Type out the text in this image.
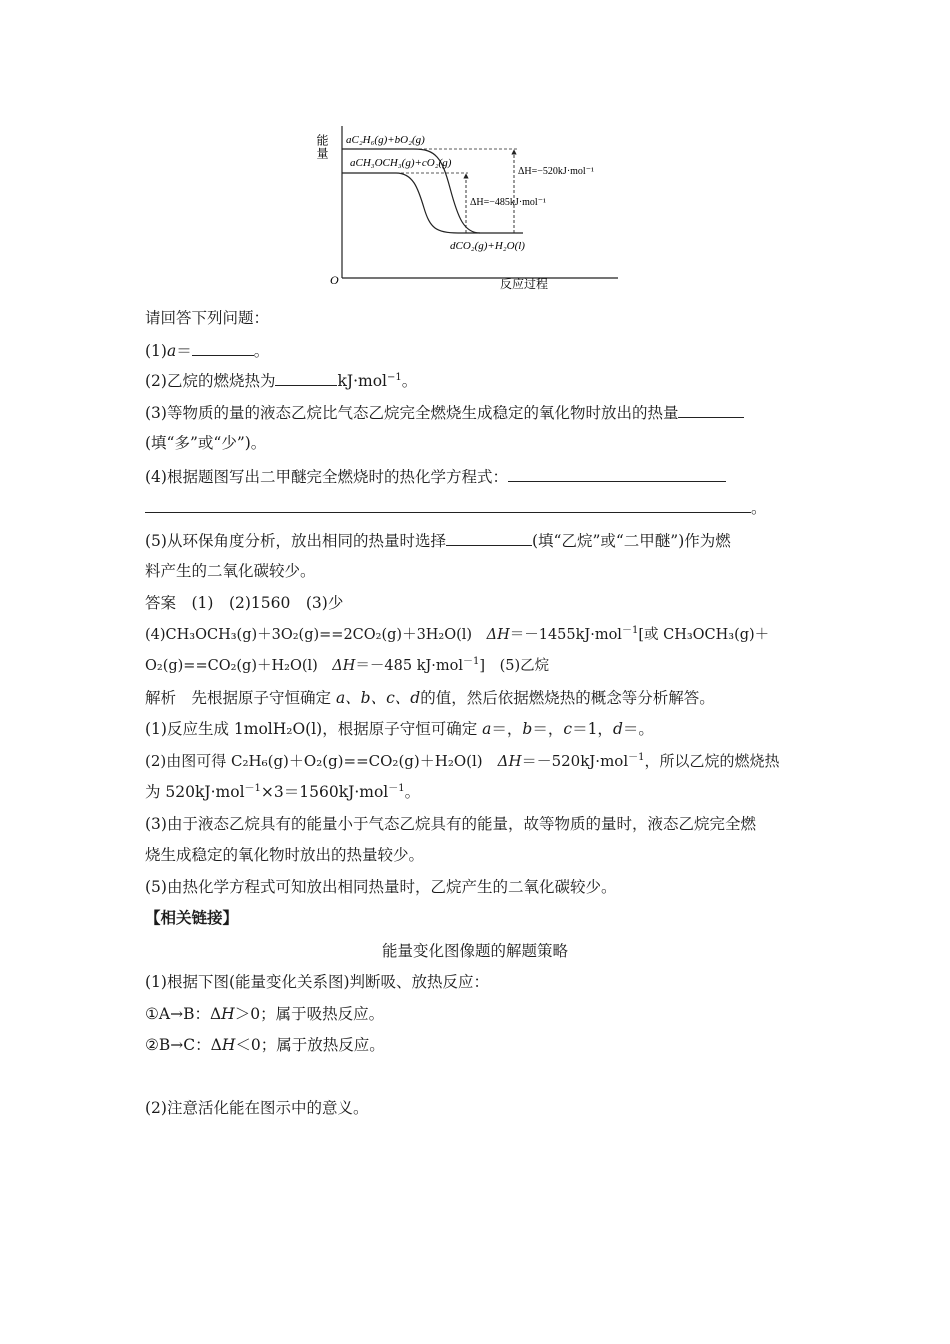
能量
O	反应过程
aC₂H₆(g)+bO₂(g)
aCH₃OCH₃(g)+cO₂(g)
dCO₂(g)+H₂O(l)
ΔH=−520kJ·mol⁻¹
ΔH=−485kJ·mol⁻¹
请回答下列问题：
(1)a＝	。
(2)乙烷的燃烧热为	kJ·mol$^{-1}$。
(3)等物质的量的液态乙烷比气态乙烷完全燃烧生成稳定的氧化物时放出的热量
(填“多”或“少”)。
(4)根据题图写出二甲醚完全燃烧时的热化学方程式：
。
(5)从环保角度分析，放出相同的热量时选择	(填“乙烷”或“二甲醚”)作为燃
料产生的二氧化碳较少。
答案　(1)　(2)1560　(3)少
(4)CH₃OCH₃(g)＋3O₂(g)==2CO₂(g)＋3H₂O(l)　ΔH＝－1455kJ·mol$^{-1}$[或 CH₃OCH₃(g)＋
O₂(g)==CO₂(g)＋H₂O(l)　ΔH＝－485 kJ·mol$^{-1}$]　(5)乙烷
解析　先根据原子守恒确定 a、b、c、d的值，然后依据燃烧热的概念等分析解答。
(1)反应生成 1molH₂O(l)，根据原子守恒可确定 a＝，b＝，c＝1，d＝。
(2)由图可得 C₂H₆(g)＋O₂(g)==CO₂(g)＋H₂O(l)　ΔH＝－520kJ·mol$^{-1}$，所以乙烷的燃烧热
为 520kJ·mol$^{-1}$×3＝1560kJ·mol$^{-1}$。
(3)由于液态乙烷具有的能量小于气态乙烷具有的能量，故等物质的量时，液态乙烷完全燃
烧生成稳定的氧化物时放出的热量较少。
(5)由热化学方程式可知放出相同热量时，乙烷产生的二氧化碳较少。
【相关链接】
能量变化图像题的解题策略
(1)根据下图(能量变化关系图)判断吸、放热反应：
①A→B：ΔH＞0；属于吸热反应。
②B→C：ΔH＜0；属于放热反应。
(2)注意活化能在图示中的意义。
